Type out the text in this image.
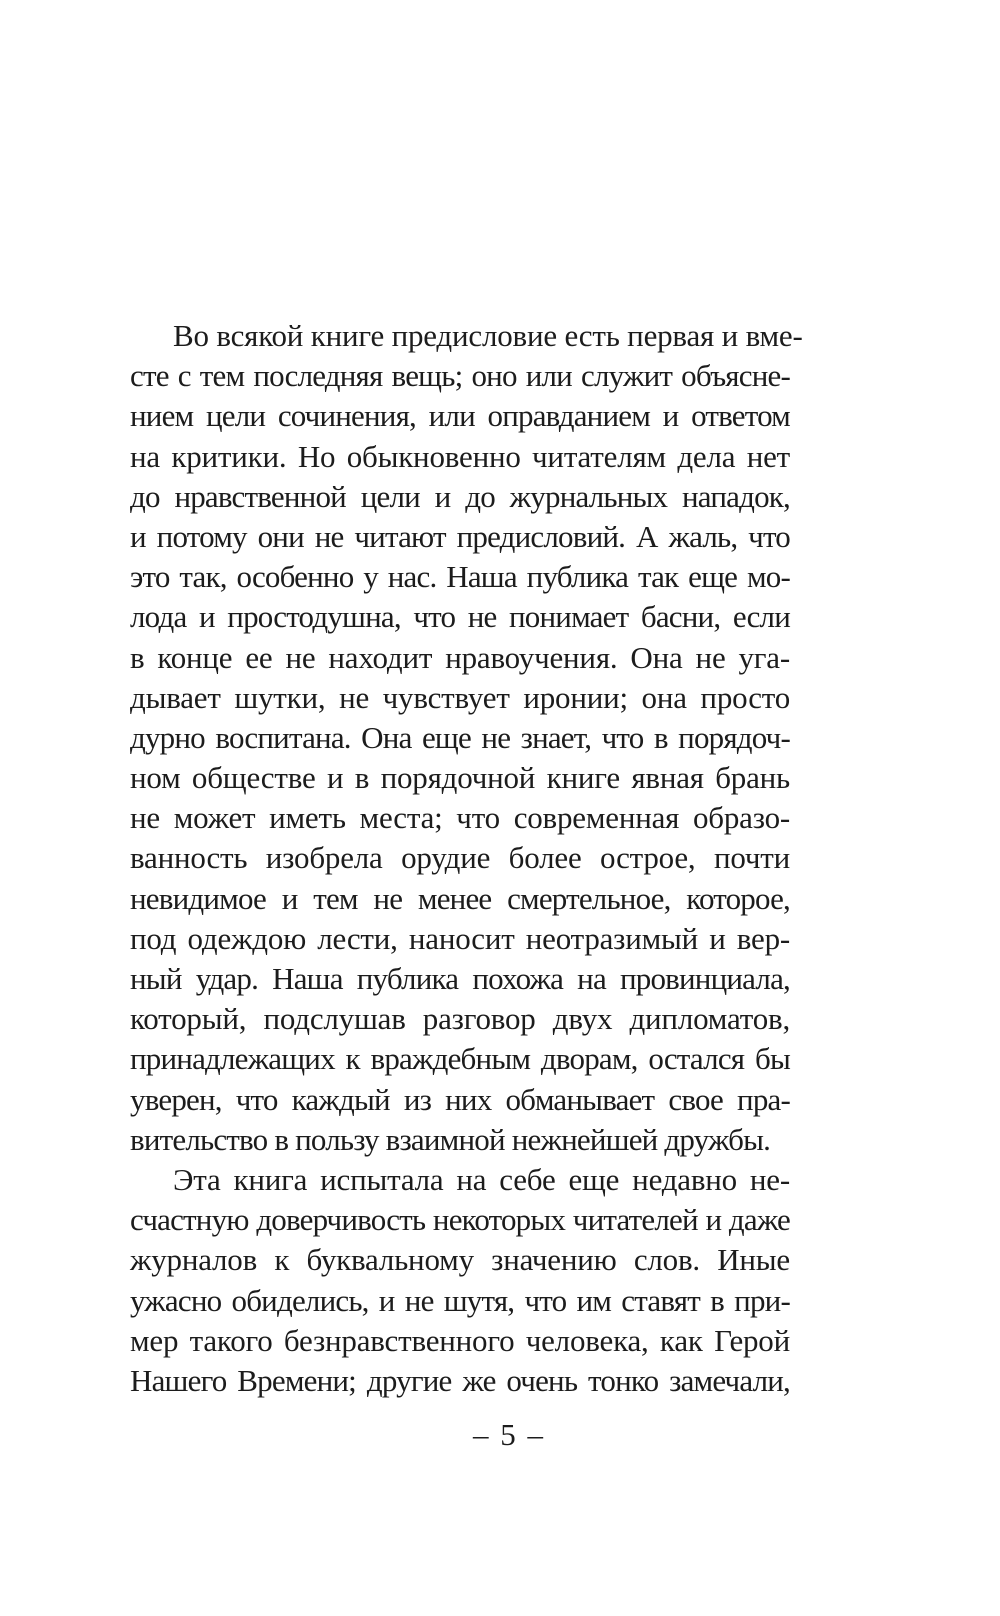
Во всякой книге предисловие есть первая и вме-
сте с тем последняя вещь; оно или служит объясне-
нием цели сочинения, или оправданием и ответом
на критики. Но обыкновенно читателям дела нет
до нравственной цели и до журнальных нападок,
и потому они не читают предисловий. А жаль, что
это так, особенно у нас. Наша публика так еще мо-
лода и простодушна, что не понимает басни, если
в конце ее не находит нравоучения. Она не уга-
дывает шутки, не чувствует иронии; она просто
дурно воспитана. Она еще не знает, что в порядоч-
ном обществе и в порядочной книге явная брань
не может иметь места; что современная образо-
ванность изобрела орудие более острое, почти
невидимое и тем не менее смертельное, которое,
под одеждою лести, наносит неотразимый и вер-
ный удар. Наша публика похожа на провинциала,
который, подслушав разговор двух дипломатов,
принадлежащих к враждебным дворам, остался бы
уверен, что каждый из них обманывает свое пра-
вительство в пользу взаимной нежнейшей дружбы.
Эта книга испытала на себе еще недавно не-
счастную доверчивость некоторых читателей и даже
журналов к буквальному значению слов. Иные
ужасно обиделись, и не шутя, что им ставят в при-
мер такого безнравственного человека, как Герой
Нашего Времени; другие же очень тонко замечали,
– 5 –
